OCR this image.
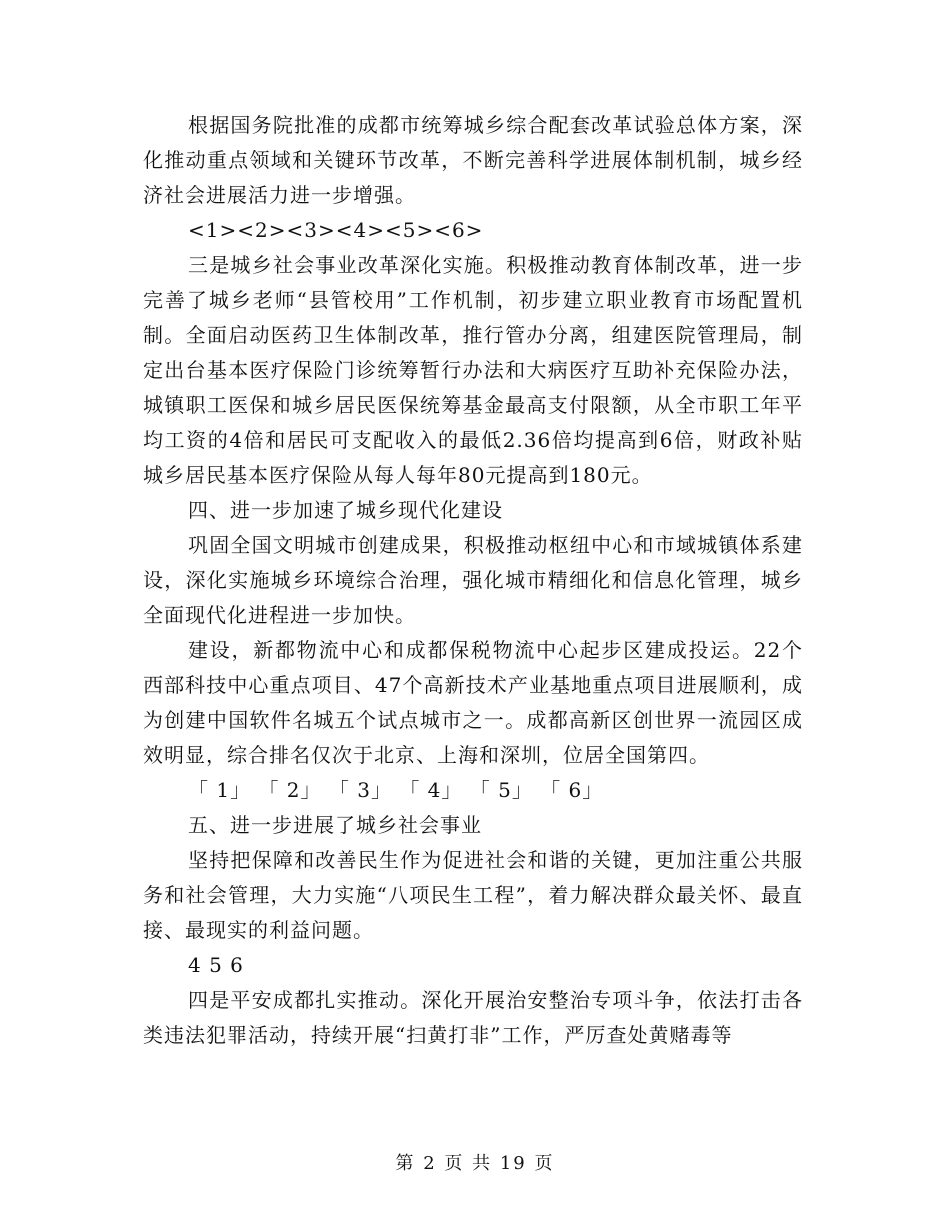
根据国务院批准的成都市统筹城乡综合配套改革试验总体方案，深化推动重点领域和关键环节改革，不断完善科学进展体制机制，城乡经济社会进展活力进一步增强。

<1><2><3><4><5><6>

三是城乡社会事业改革深化实施。积极推动教育体制改革，进一步完善了城乡老师“县管校用”工作机制，初步建立职业教育市场配置机制。全面启动医药卫生体制改革，推行管办分离，组建医院管理局，制定出台基本医疗保险门诊统筹暂行办法和大病医疗互助补充保险办法，城镇职工医保和城乡居民医保统筹基金最高支付限额，从全市职工年平均工资的4倍和居民可支配收入的最低2.36倍均提高到6倍，财政补贴城乡居民基本医疗保险从每人每年80元提高到180元。

四、进一步加速了城乡现代化建设

巩固全国文明城市创建成果，积极推动枢纽中心和市域城镇体系建设，深化实施城乡环境综合治理，强化城市精细化和信息化管理，城乡全面现代化进程进一步加快。

建设，新都物流中心和成都保税物流中心起步区建成投运。22个西部科技中心重点项目、47个高新技术产业基地重点项目进展顺利，成为创建中国软件名城五个试点城市之一。成都高新区创世界一流园区成效明显，综合排名仅次于北京、上海和深圳，位居全国第四。

「 1」 「 2」 「 3」 「 4」 「 5」 「 6」

五、进一步进展了城乡社会事业

坚持把保障和改善民生作为促进社会和谐的关键，更加注重公共服务和社会管理，大力实施“八项民生工程”，着力解决群众最关怀、最直接、最现实的利益问题。

4 5 6

四是平安成都扎实推动。深化开展治安整治专项斗争，依法打击各类违法犯罪活动，持续开展“扫黄打非”工作，严厉查处黄赌毒等

第 2 页 共 19 页
